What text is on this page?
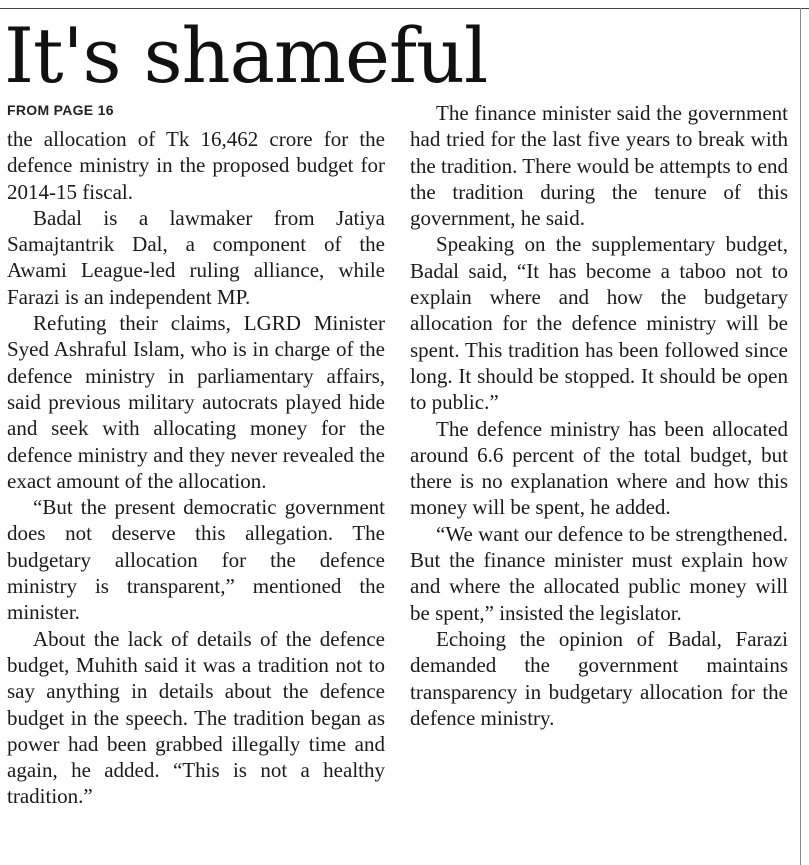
It's shameful
FROM PAGE 16

the allocation of Tk 16,462 crore for the defence ministry in the proposed budget for 2014-15 fiscal.

Badal is a lawmaker from Jatiya Samajtantrik Dal, a component of the Awami League-led ruling alliance, while Farazi is an independent MP.

Refuting their claims, LGRD Minister Syed Ashraful Islam, who is in charge of the defence ministry in parliamentary affairs, said previous military autocrats played hide and seek with allocating money for the defence ministry and they never revealed the exact amount of the allocation.

“But the present democratic government does not deserve this allegation. The budgetary allocation for the defence ministry is transparent,” mentioned the minister.

About the lack of details of the defence budget, Muhith said it was a tradition not to say anything in details about the defence budget in the speech. The tradition began as power had been grabbed illegally time and again, he added. “This is not a healthy tradition.”

The finance minister said the government had tried for the last five years to break with the tradition. There would be attempts to end the tradition during the tenure of this government, he said.

Speaking on the supplementary budget, Badal said, “It has become a taboo not to explain where and how the budgetary allocation for the defence ministry will be spent. This tradition has been followed since long. It should be stopped. It should be open to public.”

The defence ministry has been allocated around 6.6 percent of the total budget, but there is no explanation where and how this money will be spent, he added.

“We want our defence to be strengthened. But the finance minister must explain how and where the allocated public money will be spent,” insisted the legislator.

Echoing the opinion of Badal, Farazi demanded the government maintains transparency in budgetary allocation for the defence ministry.
